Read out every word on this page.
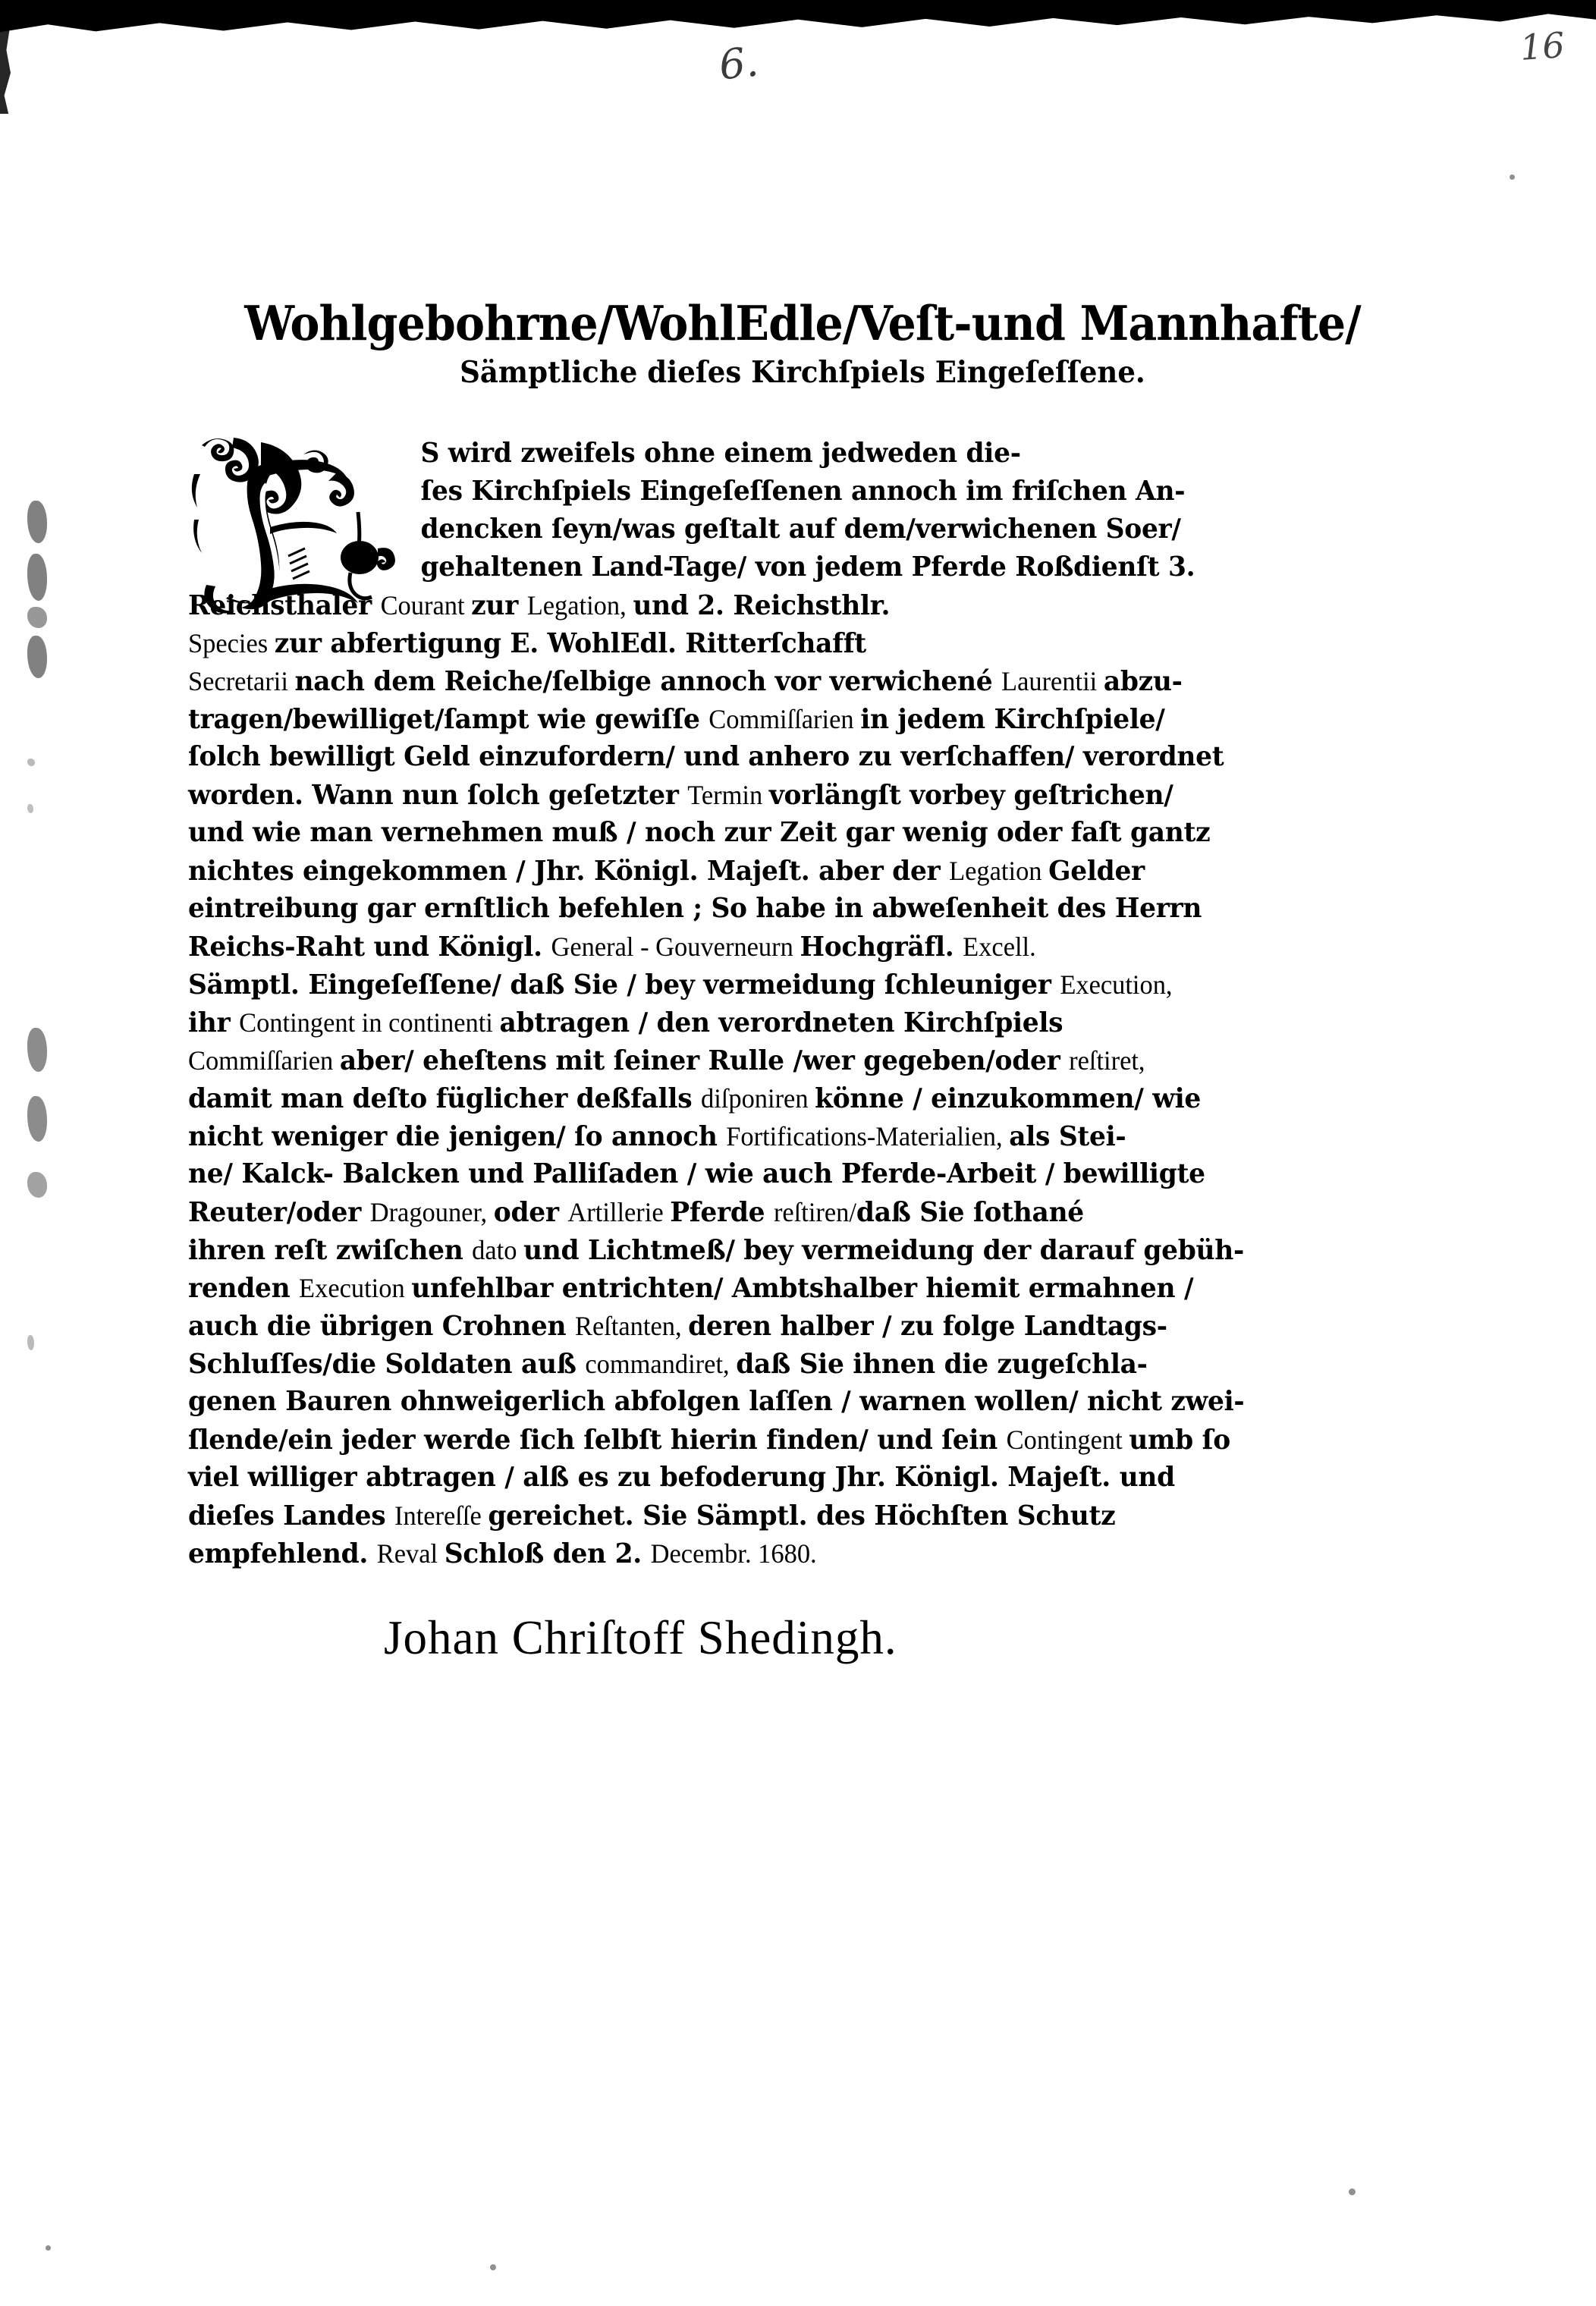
6.	16
Wohlgebohrne/WohlEdle/Veſt-und Mannhafte/
Sämptliche dieſes Kirchſpiels Eingeſeſſene.
S wird zweifels ohne einem jedweden die-
ſes Kirchſpiels Eingeſeſſenen annoch im friſchen An-
dencken ſeyn/was geſtalt auf dem/verwichenen Soer/
gehaltenen Land-Tage/ von jedem Pferde Roßdienſt 3.
Reichsthaler Courant zur Legation, und 2. Reichsthlr.
Species zur abfertigung E. WohlEdl. Ritterſchafft
Secretarii nach dem Reiche/ſelbige annoch vor verwichené Laurentii abzu-
tragen/bewilliget/ſampt wie gewiſſe Commiſſarien in jedem Kirchſpiele/
ſolch bewilligt Geld einzufordern/ und anhero zu verſchaffen/ verordnet
worden. Wann nun ſolch geſetzter Termin vorlängſt vorbey geſtrichen/
und wie man vernehmen muß / noch zur Zeit gar wenig oder faſt gantz
nichtes eingekommen / Jhr. Königl. Majeſt. aber der Legation Gelder
eintreibung gar ernſtlich befehlen ; So habe in abweſenheit des Herrn
Reichs-Raht und Königl. General - Gouverneurn Hochgräfl. Excell.
Sämptl. Eingeſeſſene/ daß Sie / bey vermeidung ſchleuniger Execution,
ihr Contingent in continenti abtragen / den verordneten Kirchſpiels
Commiſſarien aber/ eheſtens mit ſeiner Rulle /wer gegeben/oder reſtiret,
damit man deſto füglicher deßfalls diſponiren könne / einzukommen/ wie
nicht weniger die jenigen/ ſo annoch Fortifications-Materialien, als Stei-
ne/ Kalck- Balcken und Palliſaden / wie auch Pferde-Arbeit / bewilligte
Reuter/oder Dragouner, oder Artillerie Pferde reſtiren/daß Sie ſothané
ihren reſt zwiſchen dato und Lichtmeß/ bey vermeidung der darauf gebüh-
renden Execution unfehlbar entrichten/ Ambtshalber hiemit ermahnen /
auch die übrigen Crohnen Reſtanten, deren halber / zu folge Landtags-
Schluſſes/die Soldaten auß commandiret, daß Sie ihnen die zugeſchla-
genen Bauren ohnweigerlich abfolgen laſſen / warnen wollen/ nicht zwei-
ſlende/ein jeder werde ſich ſelbſt hierin finden/ und ſein Contingent umb ſo
viel williger abtragen / alß es zu befoderung Jhr. Königl. Majeſt. und
dieſes Landes Intereſſe gereichet. Sie Sämptl. des Höchſten Schutz
empfehlend. Reval Schloß den 2. Decembr. 1680.
Johan Chriſtoff Shedingh.
